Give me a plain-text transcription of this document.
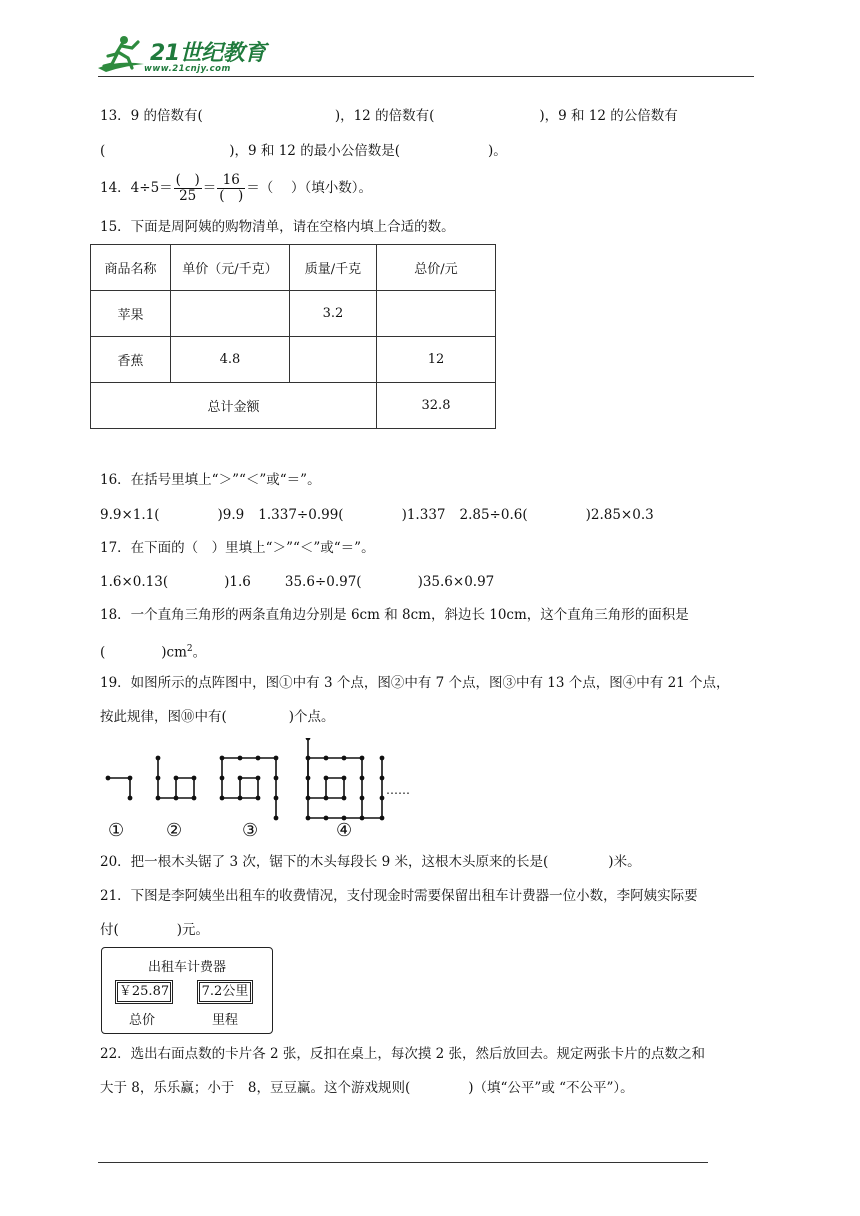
21世纪教育
www.21cnjy.com
13．9 的倍数有(	)，12 的倍数有(	)，9 和 12 的公倍数有
(	)，9 和 12 的最小公倍数是(	)。
14．$4\div 5= \frac{( )}{25} = \frac{16}{( )}$ ＝（　 ）（填小数）。
15．下面是周阿姨的购物清单，请在空格内填上合适的数。
商品名称	单价（元/千克）	质量/千克	总价/元
苹果		3.2	
香蕉	4.8		12
总计金额			32.8
16．在括号里填上“＞”“＜”或“＝”。
9.9×1.1(	)9.9 1.337÷0.99(	)1.337 2.85÷0.6(	)2.85×0.3
17．在下面的（　）里填上“＞”“＜”或“＝”。
1.6×0.13(	)1.6	35.6÷0.97(	)35.6×0.97
18．一个直角三角形的两条直角边分别是 6cm 和 8cm，斜边长 10cm，这个直角三角形的面积是
(	)$cm^2$。
19．如图所示的点阵图中，图①中有 3 个点，图②中有 7 个点，图③中有 13 个点，图④中有 21 个点，
按此规律，图⑩中有(	)个点。
……
① ②	③	④
20．把一根木头锯了 3 次，锯下的木头每段长 9 米，这根木头原来的长是(	)米。
21．下图是李阿姨坐出租车的收费情况，支付现金时需要保留出租车计费器一位小数，李阿姨实际要
付(	)元。
出租车计费器
￥25.87	7.2公里
总价	里程
22．选出右面点数的卡片各 2 张，反扣在桌上，每次摸 2 张，然后放回去。规定两张卡片的点数之和
大于 8，乐乐赢；小于　8，豆豆赢。这个游戏规则(	)（填“公平”或 “不公平”）。
